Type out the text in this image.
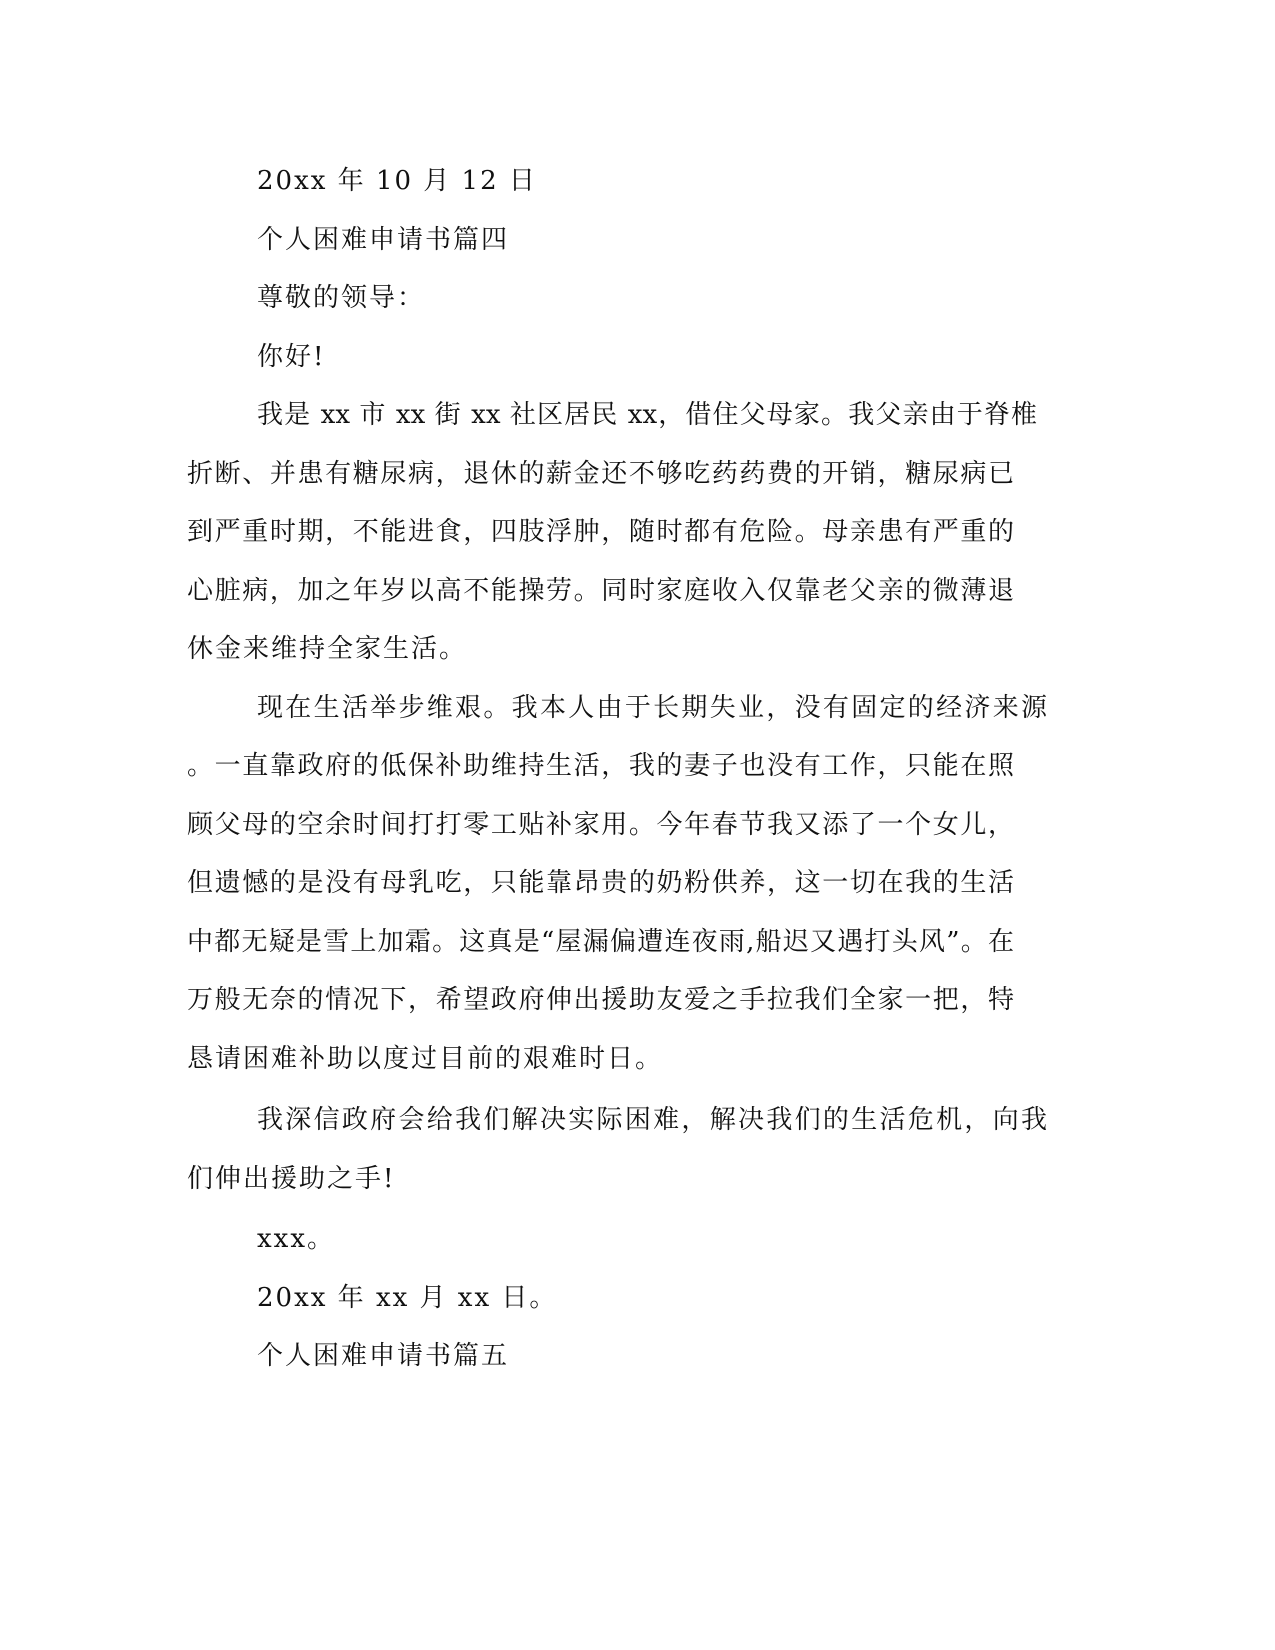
20xx 年 10 月 12 日
个人困难申请书篇四
尊敬的领导：
你好!
我是 xx 市 xx 街 xx 社区居民 xx，借住父母家。我父亲由于脊椎
折断、并患有糖尿病，退休的薪金还不够吃药药费的开销，糖尿病已
到严重时期，不能进食，四肢浮肿，随时都有危险。母亲患有严重的
心脏病，加之年岁以高不能操劳。同时家庭收入仅靠老父亲的微薄退
休金来维持全家生活。
现在生活举步维艰。我本人由于长期失业，没有固定的经济来源
。一直靠政府的低保补助维持生活，我的妻子也没有工作，只能在照
顾父母的空余时间打打零工贴补家用。今年春节我又添了一个女儿，
但遗憾的是没有母乳吃，只能靠昂贵的奶粉供养，这一切在我的生活
中都无疑是雪上加霜。这真是“屋漏偏遭连夜雨,船迟又遇打头风”。在
万般无奈的情况下，希望政府伸出援助友爱之手拉我们全家一把，特
恳请困难补助以度过目前的艰难时日。
我深信政府会给我们解决实际困难，解决我们的生活危机，向我
们伸出援助之手!
xxx。
20xx 年 xx 月 xx 日。
个人困难申请书篇五
